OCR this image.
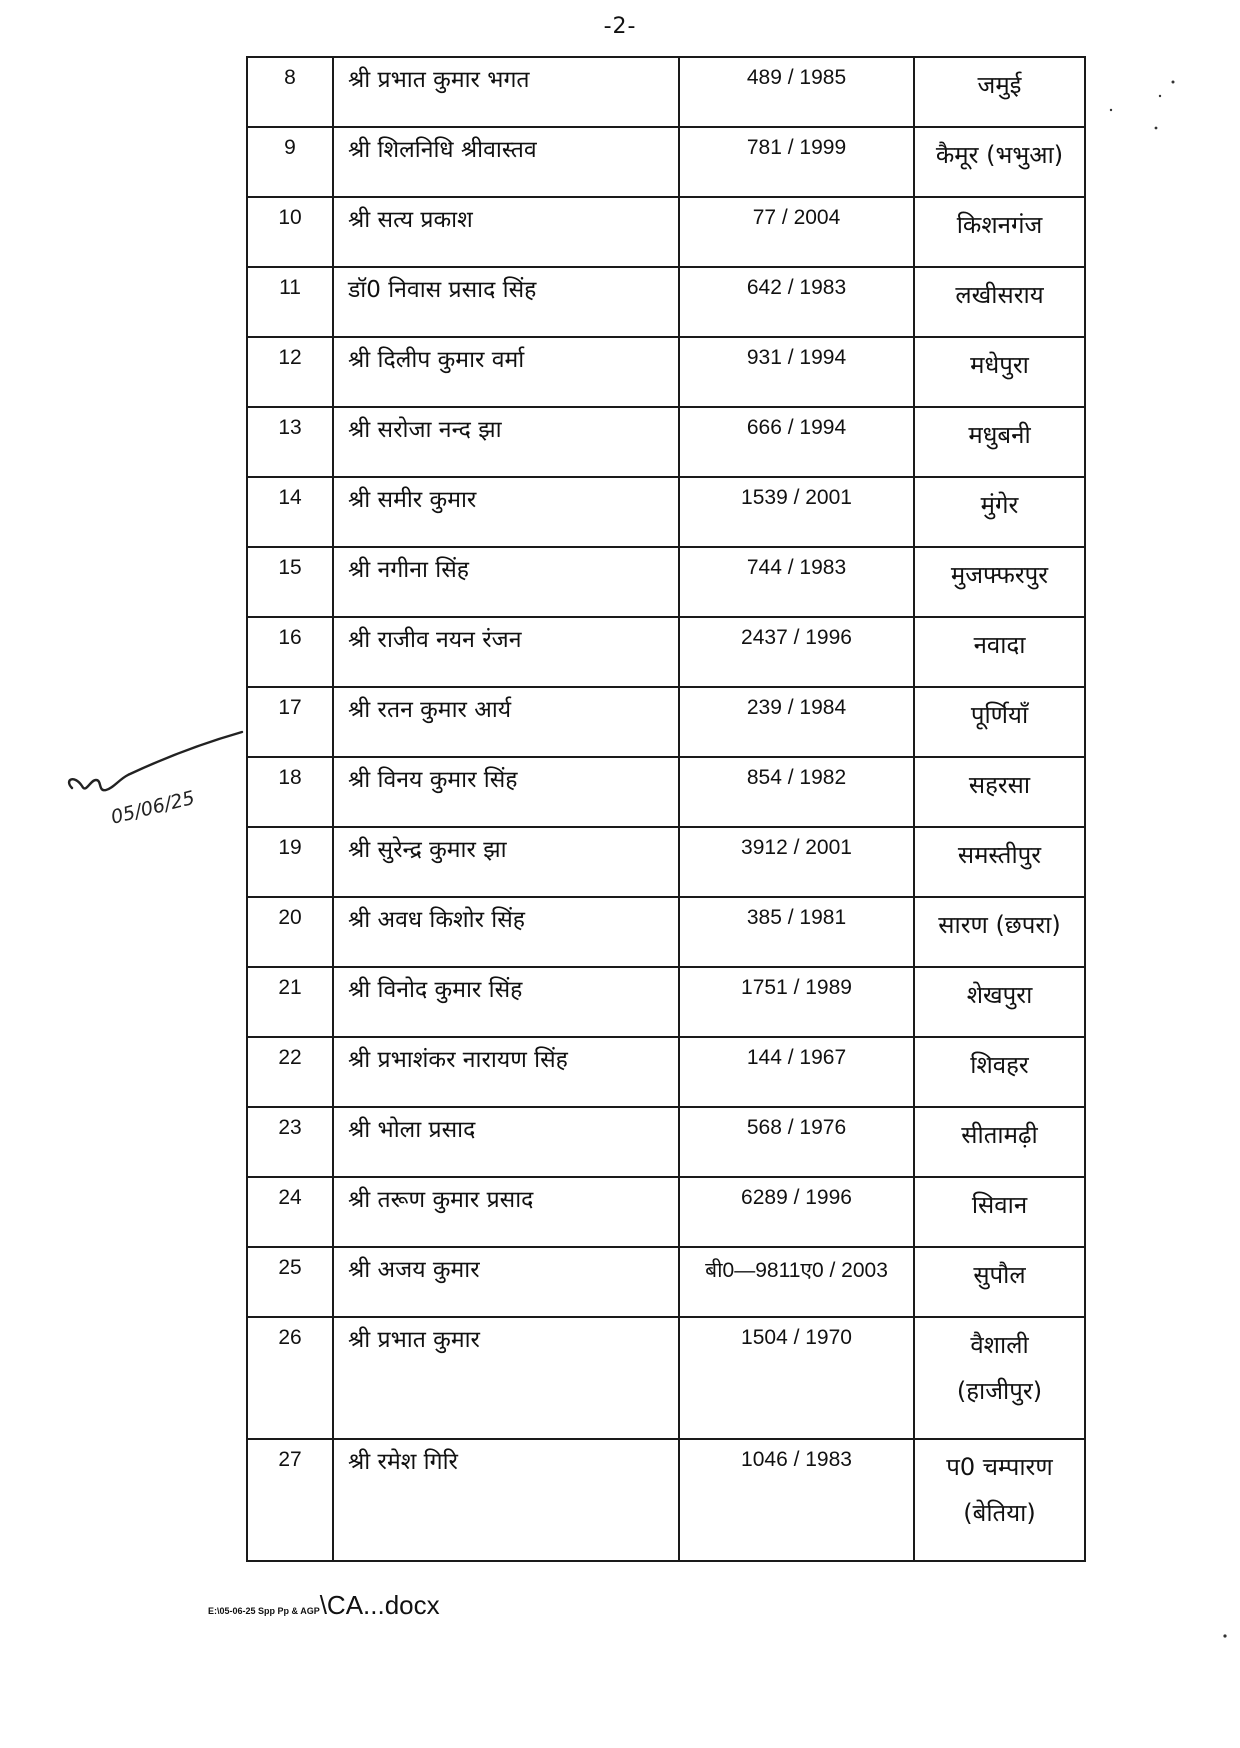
-2-
8	श्री प्रभात कुमार भगत	489 / 1985	जमुई
9	श्री शिलनिधि श्रीवास्तव	781 / 1999	कैमूर (भभुआ)
10	श्री सत्य प्रकाश	77 / 2004	किशनगंज
11	डॉ0 निवास प्रसाद सिंह	642 / 1983	लखीसराय
12	श्री दिलीप कुमार वर्मा	931 / 1994	मधेपुरा
13	श्री सरोजा नन्द झा	666 / 1994	मधुबनी
14	श्री समीर कुमार	1539 / 2001	मुंगेर
15	श्री नगीना सिंह	744 / 1983	मुजफ्फरपुर
16	श्री राजीव नयन रंजन	2437 / 1996	नवादा
17	श्री रतन कुमार आर्य	239 / 1984	पूर्णियाँ
18	श्री विनय कुमार सिंह	854 / 1982	सहरसा
19	श्री सुरेन्द्र कुमार झा	3912 / 2001	समस्तीपुर
20	श्री अवध किशोर सिंह	385 / 1981	सारण (छपरा)
21	श्री विनोद कुमार सिंह	1751 / 1989	शेखपुरा
22	श्री प्रभाशंकर नारायण सिंह	144 / 1967	शिवहर
23	श्री भोला प्रसाद	568 / 1976	सीतामढ़ी
24	श्री तरूण कुमार प्रसाद	6289 / 1996	सिवान
25	श्री अजय कुमार	बी0—9811ए0 / 2003	सुपौल
26	श्री प्रभात कुमार	1504 / 1970	वैशाली
(हाजीपुर)

27	श्री रमेश गिरि	1046 / 1983	प0 चम्पारण
(बेतिया)
05/06/25
E:\05-06-25 Spp Pp & AGP\CA...docx
